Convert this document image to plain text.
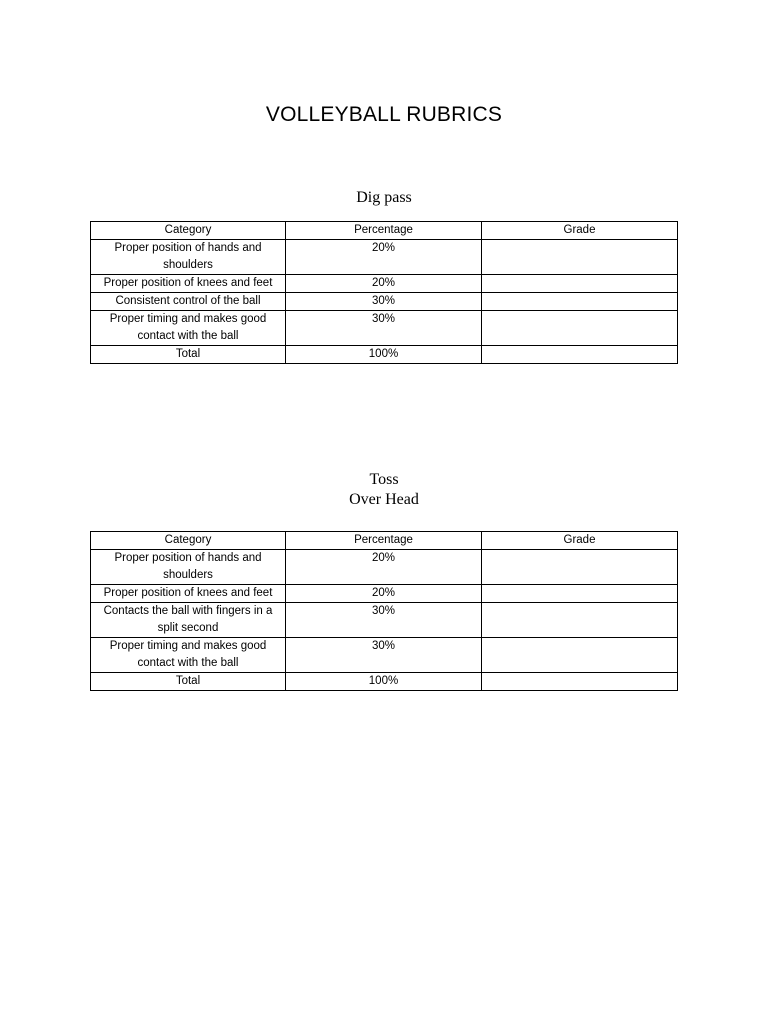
VOLLEYBALL RUBRICS
Dig pass
Category	Percentage	Grade
Proper position of hands and shoulders	20%	
Proper position of knees and feet	20%	
Consistent control of the ball	30%	
Proper timing and makes good contact with the ball	30%	
Total	100%	
Toss
Over Head
Category	Percentage	Grade
Proper position of hands and shoulders	20%	
Proper position of knees and feet	20%	
Contacts the ball with fingers in a split second	30%	
Proper timing and makes good contact with the ball	30%	
Total	100%	
